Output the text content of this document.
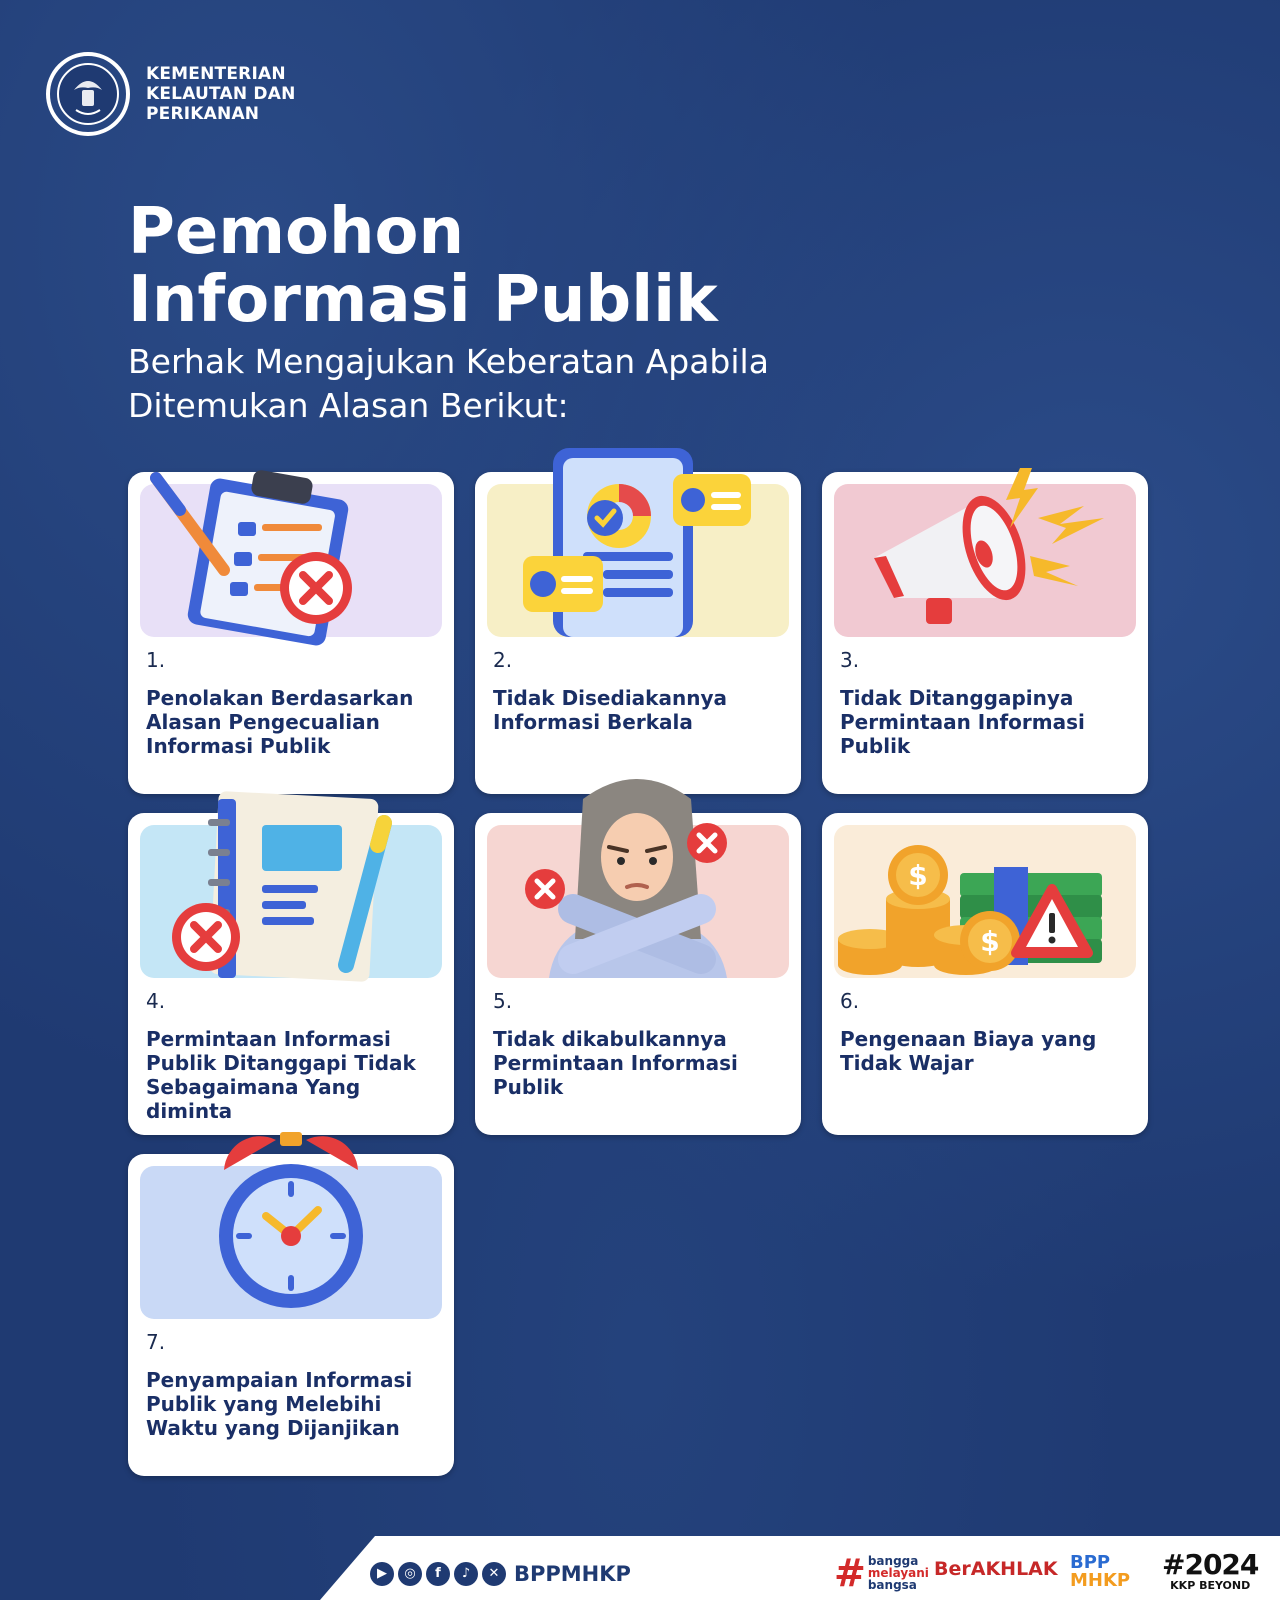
KEMENTERIAN
KELAUTAN DAN
PERIKANAN
Pemohon
Informasi Publik
Berhak Mengajukan Keberatan Apabila
Ditemukan Alasan Berikut:
1.
Penolakan Berdasarkan Alasan Pengecualian Informasi Publik
2.
Tidak Disediakannya Informasi Berkala
3.
Tidak Ditanggapinya Permintaan Informasi Publik
4.
Permintaan Informasi Publik Ditanggapi Tidak Sebagaimana Yang diminta
5.
Tidak dikabulkannya Permintaan Informasi Publik
$
$
6.
Pengenaan Biaya yang Tidak Wajar
7.
Penyampaian Informasi Publik yang Melebihi Waktu yang Dijanjikan
▶	◎	f	♪	✕ BPPMHKP	# bangga
melayani
bangsa
BerAKHLAK BPP
MHKP #2024
KKP BEYOND
